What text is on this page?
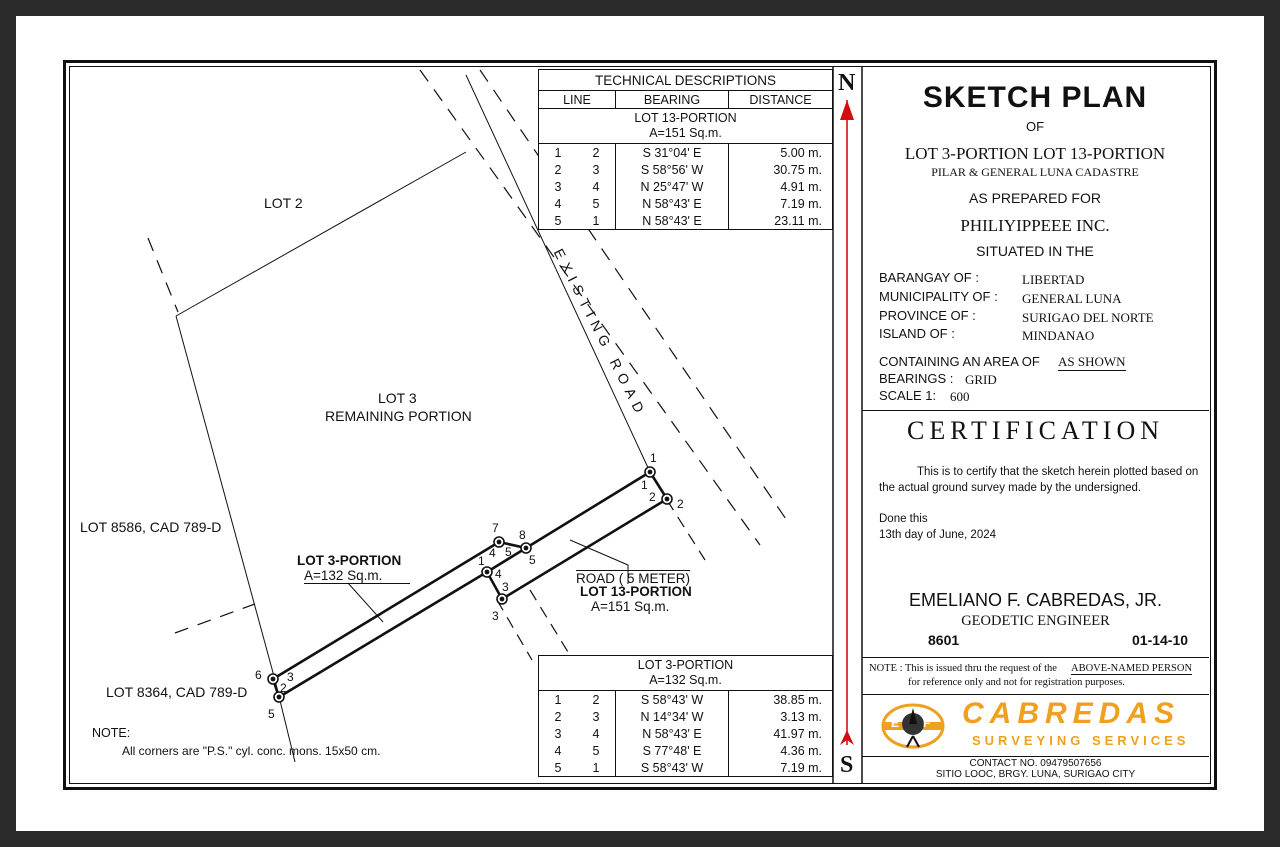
N
S
TECHNICAL DESCRIPTIONS		
LINE	BEARING	DISTANCE

LOT 13-PORTION
A=151 Sq.m.		

1 2	S 31°04' E	5.00 m.

2 3	S 58°56' W	30.75 m.

3 4	N 25°47' W	4.91 m.

4 5	N 58°43' E	7.19 m.

5 1	N 58°43' E	23.11 m.
LOT 3-PORTION
A=132 Sq.m.		

1 2	S 58°43' W	38.85 m.

2 3	N 14°34' W	3.13 m.

3 4	N 58°43' E	41.97 m.

4 5	S 77°48' E	4.36 m.

5 1	S 58°43' W	7.19 m.
LOT 2
LOT 3
REMAINING PORTION
LOT 8586, CAD 789-D
LOT 8364, CAD 789-D
EXISTING ROAD
LOT 3-PORTION
A=132 Sq.m.	ROAD ( 5 METER)
LOT 13-PORTION
A=151 Sq.m.
1
1
2 2
7 8
4 5
5
1
4
3
3
6 3
2
5
NOTE:
All corners are "P.S." cyl. conc. mons. 15x50 cm.
SKETCH PLAN
OF
LOT 3-PORTION LOT 13-PORTION
PILAR & GENERAL LUNA CADASTRE
AS PREPARED FOR
PHILIYIPPEEE INC.
SITUATED IN THE
BARANGAY OF :	LIBERTAD
MUNICIPALITY OF : GENERAL LUNA
PROVINCE OF :	SURIGAO DEL NORTE
ISLAND OF :	MINDANAO
CONTAINING AN AREA OF AS SHOWN
BEARINGS : GRID
SCALE 1: 600
CERTIFICATION
This is to certify that the sketch herein plotted based on
the actual ground survey made by the undersigned.
Done this
13th day of June, 2024
EMELIANO F. CABREDAS, JR.
GEODETIC ENGINEER
8601	01-14-10
NOTE : This is issued thru the request of the ABOVE-NAMED PERSON
for reference only and not for registration purposes.
EF CABREDAS
SURVEYING SERVICES
CONTACT NO. 09479507656
SITIO LOOC, BRGY. LUNA, SURIGAO CITY
